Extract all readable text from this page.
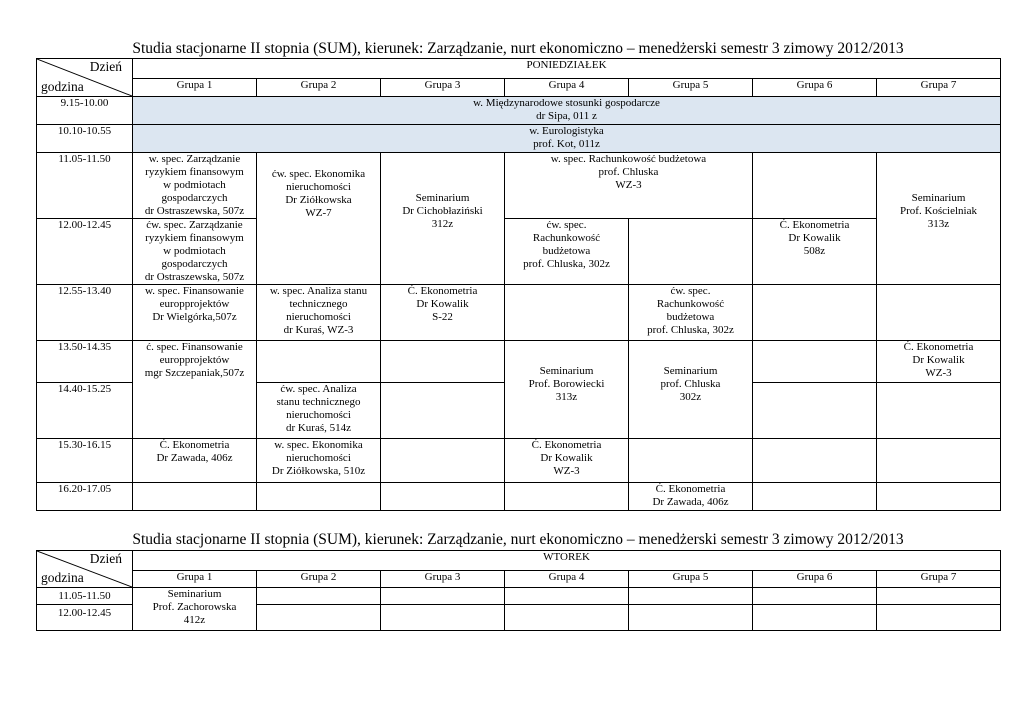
Studia stacjonarne II stopnia (SUM), kierunek: Zarządzanie, nurt ekonomiczno – menedżerski semestr 3 zimowy 2012/2013
Dzień
godzina	PONIEDZIAŁEK						
	Grupa 1	Grupa 2	Grupa 3	Grupa 4	Grupa 5	Grupa 6	Grupa 7
9.15-10.00	w. Międzynarodowe stosunki gospodarcze
dr Sipa, 011 z						
10.10-10.55	w. Eurologistyka
prof. Kot, 011z						
11.05-11.50	w. spec. Zarządzanie
ryzykiem finansowym
w podmiotach
gospodarczych
dr Ostraszewska, 507z	ćw. spec. Ekonomika
nieruchomości
Dr Ziółkowska
WZ-7	Seminarium
Dr Cichobłaziński
312z	w. spec. Rachunkowość budżetowa
prof. Chluska
WZ-3			Seminarium
Prof. Kościelniak
313z
12.00-12.45	ćw. spec. Zarządzanie
ryzykiem finansowym
w podmiotach
gospodarczych
dr Ostraszewska, 507z			ćw. spec.
Rachunkowość
budżetowa
prof. Chluska, 302z		Ć. Ekonometria
Dr Kowalik
508z	
12.55-13.40	w. spec. Finansowanie
europprojektów
Dr Wielgórka,507z	w. spec. Analiza stanu
technicznego
nieruchomości
dr Kuraś, WZ-3	Ć. Ekonometria
Dr Kowalik
S-22		ćw. spec.
Rachunkowość
budżetowa
prof. Chluska, 302z		
13.50-14.35	ć. spec. Finansowanie
europprojektów
mgr Szczepaniak,507z			Seminarium
Prof. Borowiecki
313z	Seminarium
prof. Chluska
302z		Ć. Ekonometria
Dr Kowalik
WZ-3
14.40-15.25		ćw. spec. Analiza
stanu technicznego
nieruchomości
dr Kuraś, 514z					
15.30-16.15	Ć. Ekonometria
Dr Zawada, 406z	w. spec. Ekonomika
nieruchomości
Dr Ziółkowska, 510z		Ć. Ekonometria
Dr Kowalik
WZ-3			
16.20-17.05					Ć. Ekonometria
Dr Zawada, 406z		
Studia stacjonarne II stopnia (SUM), kierunek: Zarządzanie, nurt ekonomiczno – menedżerski semestr 3 zimowy 2012/2013
Dzień
godzina	WTOREK						
	Grupa 1	Grupa 2	Grupa 3	Grupa 4	Grupa 5	Grupa 6	Grupa 7
11.05-11.50	Seminarium
Prof. Zachorowska
412z						
12.00-12.45							
